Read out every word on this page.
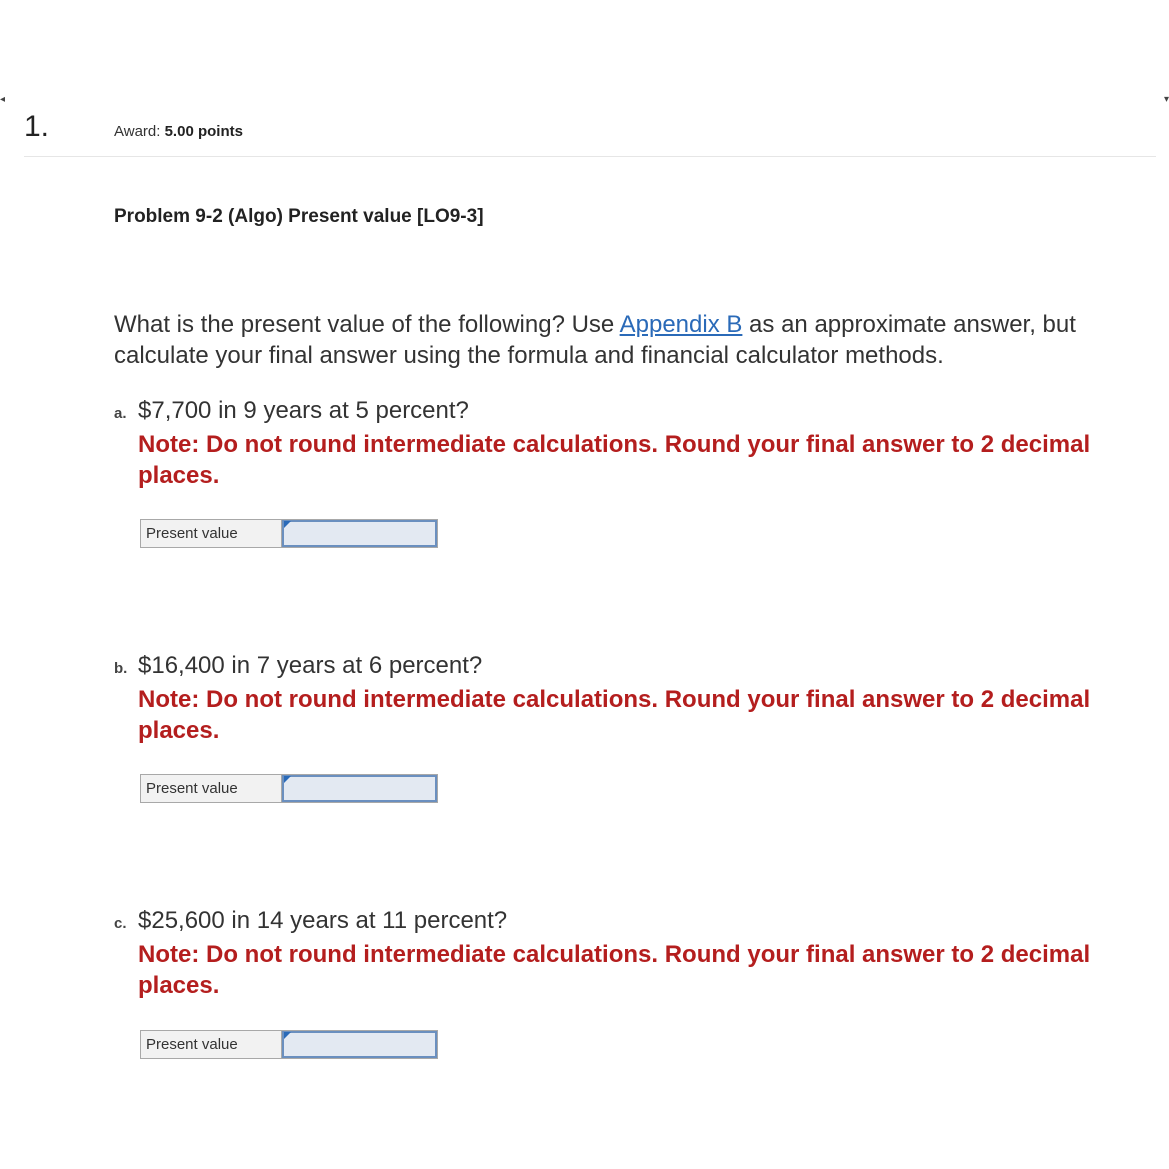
◂	▾
1.	Award: 5.00 points
Problem 9-2 (Algo) Present value [LO9-3]
What is the present value of the following? Use Appendix B as an approximate answer, but calculate your final answer using the formula and financial calculator methods.
a. $7,700 in 9 years at 5 percent?
Note: Do not round intermediate calculations. Round your final answer to 2 decimal places.
Present value
b. $16,400 in 7 years at 6 percent?
Note: Do not round intermediate calculations. Round your final answer to 2 decimal places.
Present value
c. $25,600 in 14 years at 11 percent?
Note: Do not round intermediate calculations. Round your final answer to 2 decimal places.
Present value
